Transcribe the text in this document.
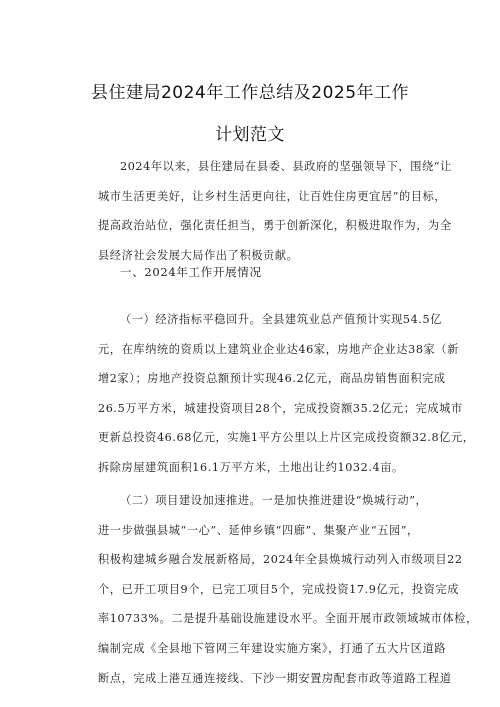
县住建局2024年工作总结及2025年工作
计划范文
2024年以来，县住建局在县委、县政府的坚强领导下，围绕“让
城市生活更美好，让乡村生活更向往，让百姓住房更宜居”的目标，
提高政治站位，强化责任担当，勇于创新深化，积极进取作为，为全
县经济社会发展大局作出了积极贡献。
一、2024年工作开展情况
（一）经济指标平稳回升。全县建筑业总产值预计实现54.5亿
元，在库纳统的资质以上建筑业企业达46家，房地产企业达38家（新
增2家）；房地产投资总额预计实现46.2亿元，商品房销售面积完成
26.5万平方米，城建投资项目28个，完成投资额35.2亿元；完成城市
更新总投资46.68亿元，实施1平方公里以上片区完成投资额32.8亿元，
拆除房屋建筑面积16.1万平方米，土地出让约1032.4亩。
（二）项目建设加速推进。一是加快推进建设“焕城行动”，
进一步做强县城“一心”、延伸乡镇“四廊”、集聚产业“五园”，
积极构建城乡融合发展新格局，2024年全县焕城行动列入市级项目22
个，已开工项目9个，已完工项目5个，完成投资17.9亿元，投资完成
率10733%。二是提升基础设施建设水平。全面开展市政领域城市体检，
编制完成《全县地下管网三年建设实施方案》，打通了五大片区道路
断点，完成上港互通连接线、下沙一期安置房配套市政等道路工程道
